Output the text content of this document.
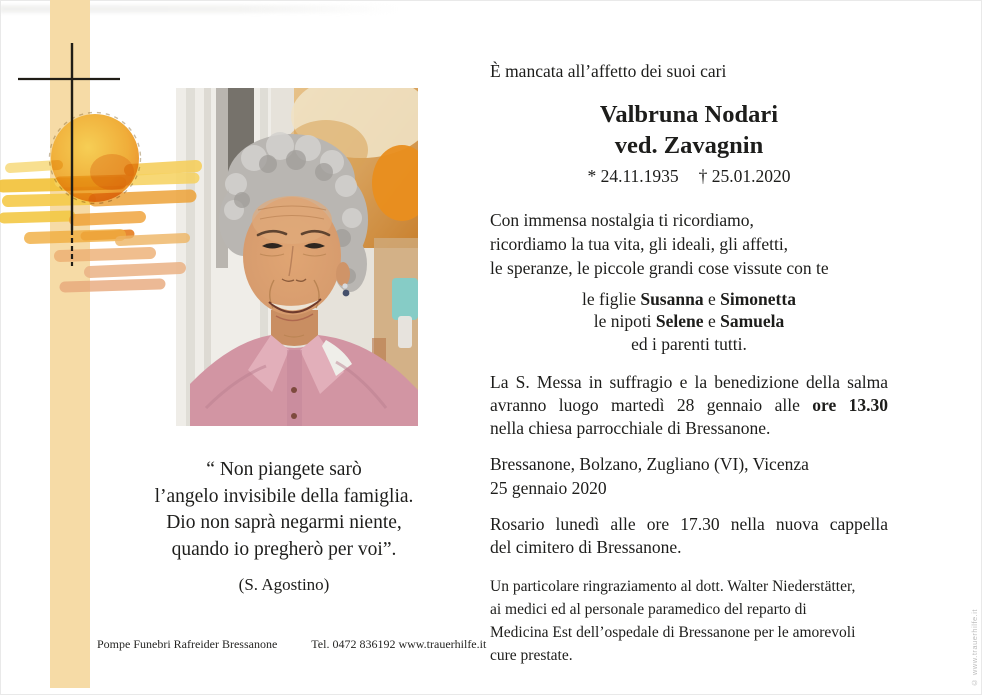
“ Non piangete sarò
l’angelo invisibile della famiglia.
Dio non saprà negarmi niente,
quando io pregherò per voi”.
(S. Agostino)
È mancata all’affetto dei suoi cari
Valbruna Nodari
ved. Zavagnin
* 24.11.1935 † 25.01.2020
Con immensa nostalgia ti ricordiamo,
ricordiamo la tua vita, gli ideali, gli affetti,
le speranze, le piccole grandi cose vissute con te
le figlie Susanna e Simonetta
le nipoti Selene e Samuela
ed i parenti tutti.
La S. Messa in suffragio e la benedizione della salma
avranno luogo martedì 28 gennaio alle ore 13.30
nella chiesa parrocchiale di Bressanone.
Bressanone, Bolzano, Zugliano (VI), Vicenza
25 gennaio 2020
Rosario lunedì alle ore 17.30 nella nuova cappella
del cimitero di Bressanone.
Un particolare ringraziamento al dott. Walter Niederstätter,
ai medici ed al personale paramedico del reparto di
Medicina Est dell’ospedale di Bressanone per le amorevoli
cure prestate.
Pompe Funebri Rafreider Bressanone	Tel. 0472 836192 www.trauerhilfe.it	© www.trauerhilfe.it
